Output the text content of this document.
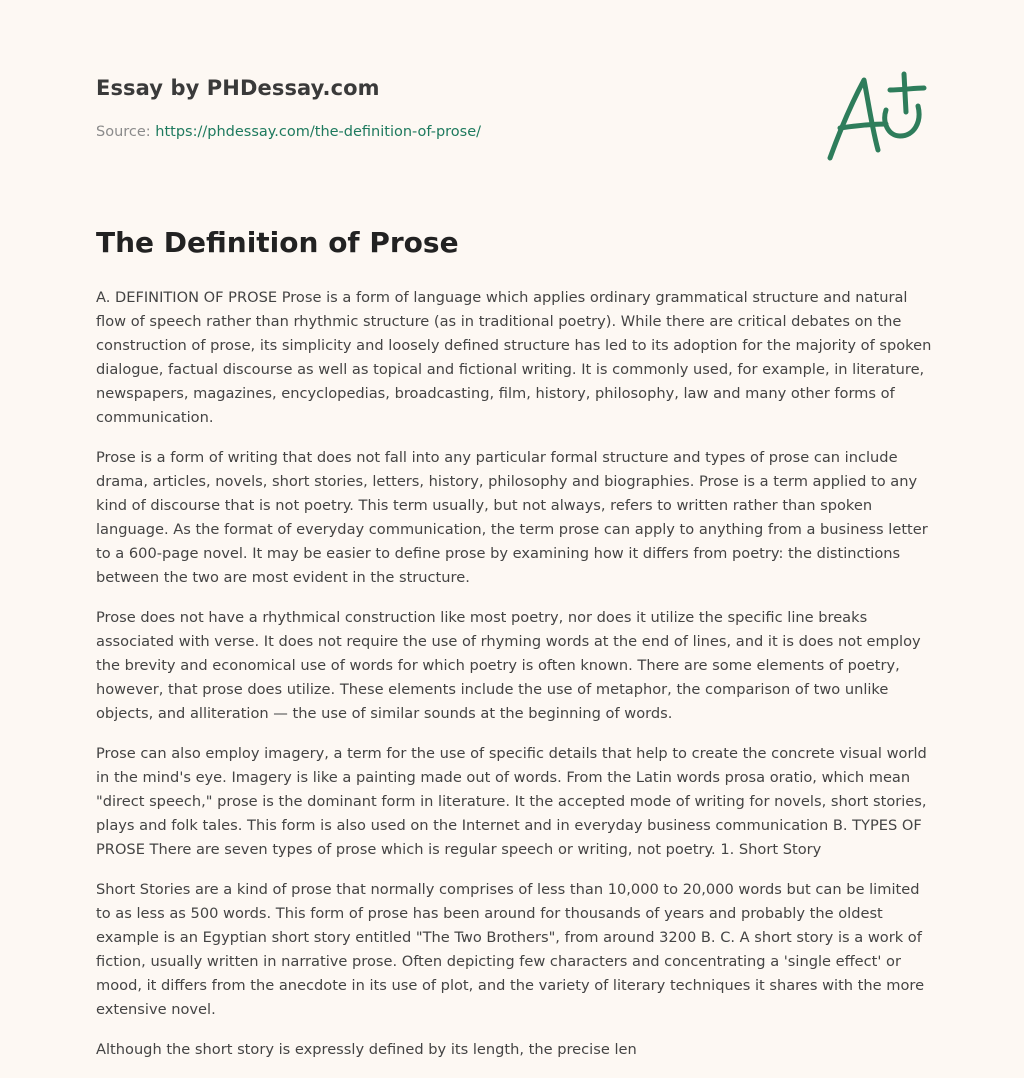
Essay by PHDessay.com

Source: https://phdessay.com/the-definition-of-prose/

The Definition of Prose

A. DEFINITION OF PROSE Prose is a form of language which applies ordinary grammatical structure and natural flow of speech rather than rhythmic structure (as in traditional poetry). While there are critical debates on the construction of prose, its simplicity and loosely defined structure has led to its adoption for the majority of spoken dialogue, factual discourse as well as topical and fictional writing. It is commonly used, for example, in literature, newspapers, magazines, encyclopedias, broadcasting, film, history, philosophy, law and many other forms of communication.

Prose is a form of writing that does not fall into any particular formal structure and types of prose can include drama, articles, novels, short stories, letters, history, philosophy and biographies. Prose is a term applied to any kind of discourse that is not poetry. This term usually, but not always, refers to written rather than spoken language. As the format of everyday communication, the term prose can apply to anything from a business letter to a 600-page novel. It may be easier to define prose by examining how it differs from poetry: the distinctions between the two are most evident in the structure.

Prose does not have a rhythmical construction like most poetry, nor does it utilize the specific line breaks associated with verse. It does not require the use of rhyming words at the end of lines, and it is does not employ the brevity and economical use of words for which poetry is often known. There are some elements of poetry, however, that prose does utilize. These elements include the use of metaphor, the comparison of two unlike objects, and alliteration — the use of similar sounds at the beginning of words.

Prose can also employ imagery, a term for the use of specific details that help to create the concrete visual world in the mind's eye. Imagery is like a painting made out of words. From the Latin words prosa oratio, which mean "direct speech," prose is the dominant form in literature. It the accepted mode of writing for novels, short stories, plays and folk tales. This form is also used on the Internet and in everyday business communication B. TYPES OF PROSE There are seven types of prose which is regular speech or writing, not poetry. 1. Short Story

Short Stories are a kind of prose that normally comprises of less than 10,000 to 20,000 words but can be limited to as less as 500 words. This form of prose has been around for thousands of years and probably the oldest example is an Egyptian short story entitled "The Two Brothers", from around 3200 B. C. A short story is a work of fiction, usually written in narrative prose. Often depicting few characters and concentrating a 'single effect' or mood, it differs from the anecdote in its use of plot, and the variety of literary techniques it shares with the more extensive novel.

Although the short story is expressly defined by its length, the precise len
